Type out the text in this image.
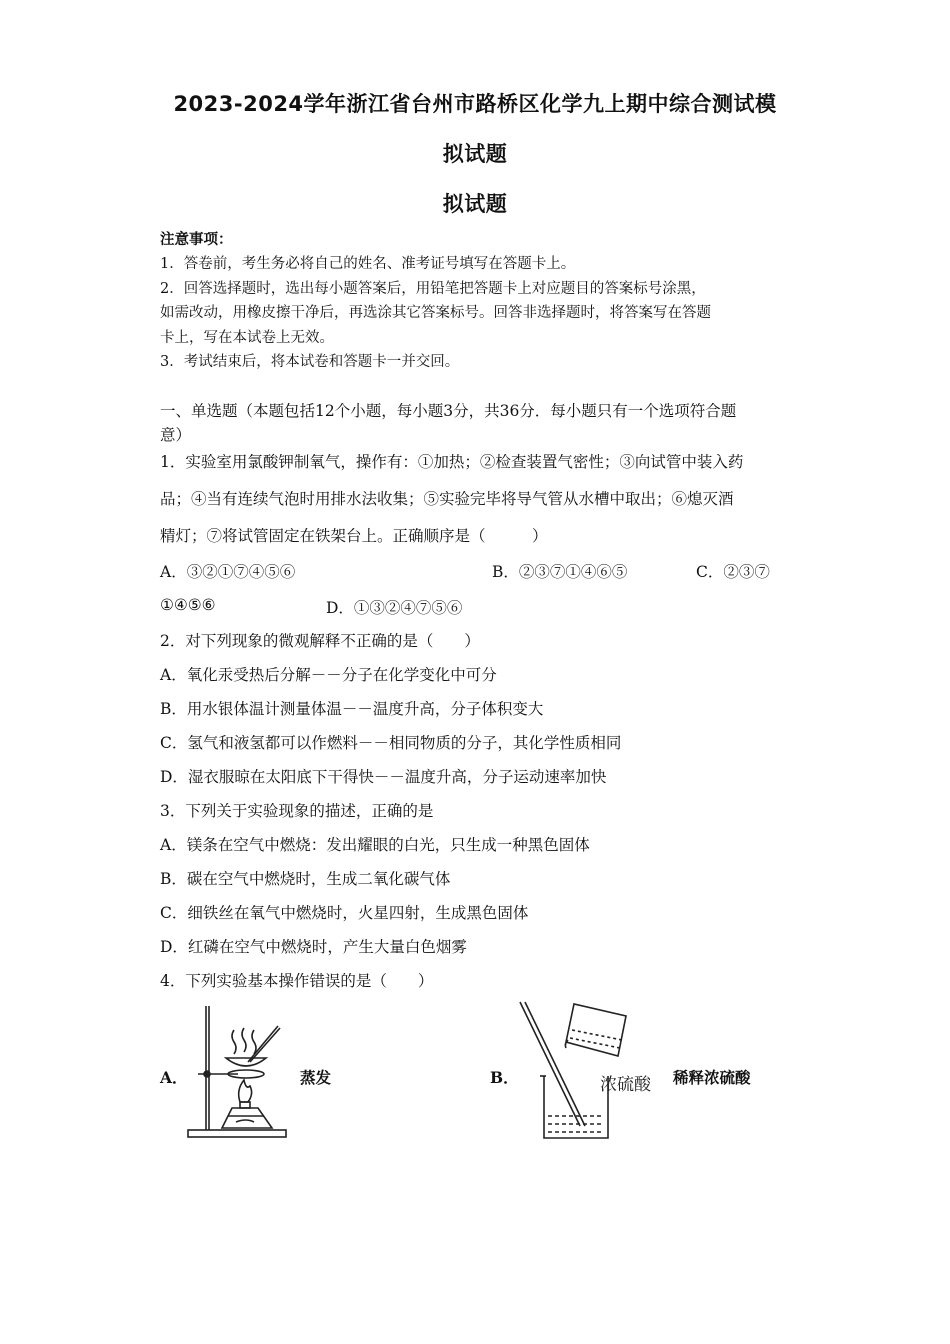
2023-2024学年浙江省台州市路桥区化学九上期中综合测试模
拟试题
拟试题
注意事项：
1．答卷前，考生务必将自己的姓名、准考证号填写在答题卡上。
2．回答选择题时，选出每小题答案后，用铅笔把答题卡上对应题目的答案标号涂黑，
如需改动，用橡皮擦干净后，再选涂其它答案标号。回答非选择题时，将答案写在答题
卡上，写在本试卷上无效。
3．考试结束后，将本试卷和答题卡一并交回。
一、单选题（本题包括12个小题，每小题3分，共36分．每小题只有一个选项符合题
意）
1．实验室用氯酸钾制氧气，操作有：①加热；②检查装置气密性；③向试管中装入药
品；④当有连续气泡时用排水法收集；⑤实验完毕将导气管从水槽中取出；⑥熄灭酒
精灯；⑦将试管固定在铁架台上。正确顺序是（　　　）
A．③②①⑦④⑤⑥	B．②③⑦①④⑥⑤	C．②③⑦
①④⑤⑥	D．①③②④⑦⑤⑥
2．对下列现象的微观解释不正确的是（　　）
A．氧化汞受热后分解－－分子在化学变化中可分
B．用水银体温计测量体温－－温度升高，分子体积变大
C．氢气和液氢都可以作燃料－－相同物质的分子，其化学性质相同
D．湿衣服晾在太阳底下干得快－－温度升高，分子运动速率加快
3．下列关于实验现象的描述，正确的是
A．镁条在空气中燃烧：发出耀眼的白光，只生成一种黑色固体
B．碳在空气中燃烧时，生成二氧化碳气体
C．细铁丝在氧气中燃烧时，火星四射，生成黑色固体
D．红磷在空气中燃烧时，产生大量白色烟雾
4．下列实验基本操作错误的是（　　）
A．	蒸发	B．	浓硫酸 稀释浓硫酸
